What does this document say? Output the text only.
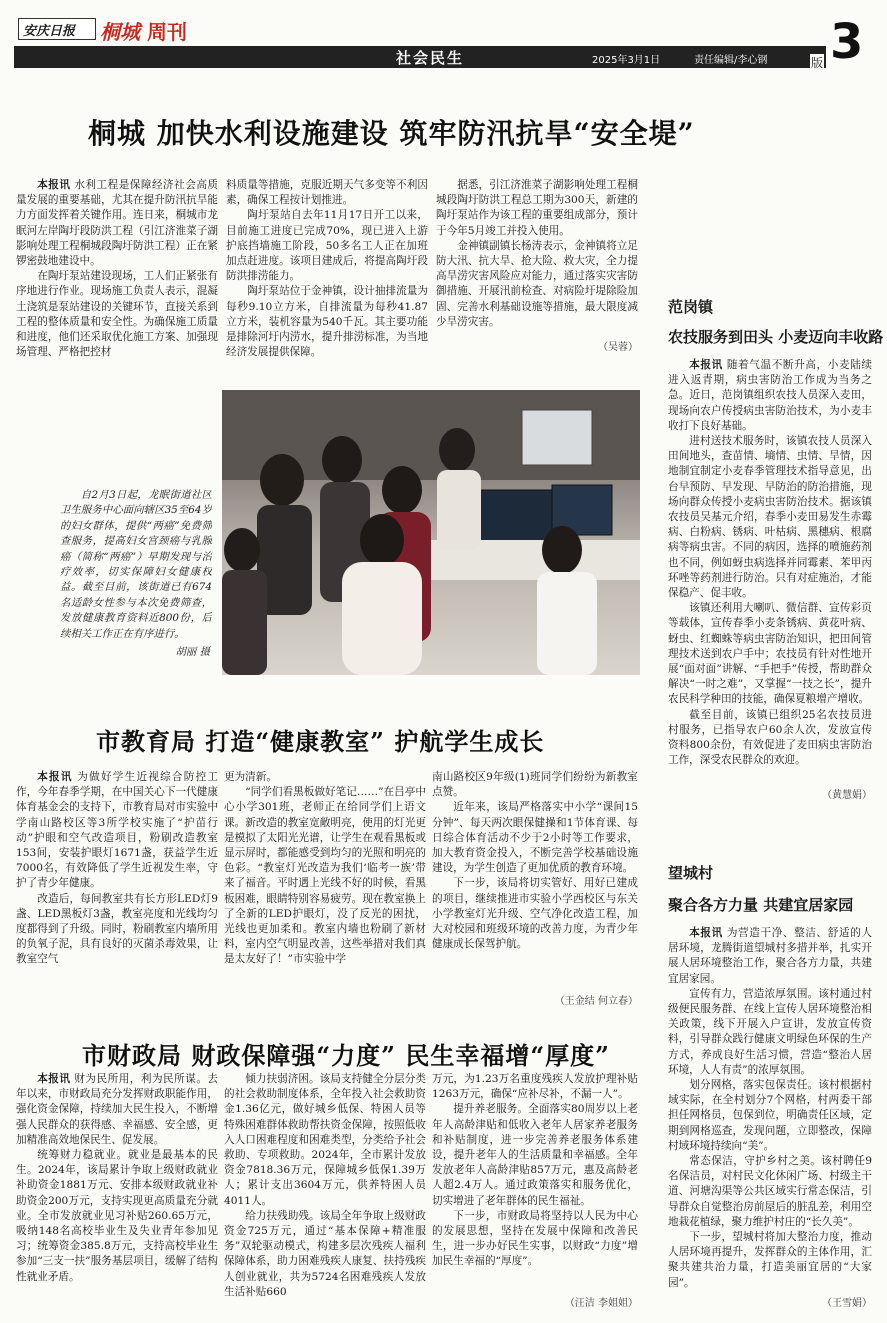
安庆日报 桐城 周刊
社会民生	2025年3月1日	责任编辑/李心钢	版 3
桐城 加快水利设施建设 筑牢防汛抗旱“安全堤”

本报讯 水利工程是保障经济社会高质量发展的重要基础，尤其在提升防汛抗旱能力方面发挥着关键作用。连日来，桐城市龙眠河左岸陶圩段防洪工程（引江济淮菜子湖影响处理工程桐城段陶圩防洪工程）正在紧锣密鼓地建设中。

在陶圩泵站建设现场，工人们正紧张有序地进行作业。现场施工负责人表示，混凝土浇筑是泵站建设的关键环节，直接关系到工程的整体质量和安全性。为确保施工质量和进度，他们还采取优化施工方案、加强现场管理、严格把控材

料质量等措施，克服近期天气多变等不利因素，确保工程按计划推进。

陶圩泵站自去年11月17日开工以来，目前施工进度已完成70%，现已进入上游护底挡墙施工阶段，50多名工人正在加班加点赶进度。该项目建成后，将提高陶圩段防洪排涝能力。

陶圩泵站位于金神镇，设计抽排流量为每秒9.10立方米，自排流量为每秒41.87立方米，装机容量为540千瓦。其主要功能是排除河圩内涝水，提升排涝标准，为当地经济发展提供保障。

据悉，引江济淮菜子湖影响处理工程桐城段陶圩防洪工程总工期为300天，新建的陶圩泵站作为该工程的重要组成部分，预计于今年5月竣工并投入使用。

金神镇副镇长杨涛表示，金神镇将立足防大汛、抗大旱、抢大险、救大灾，全力提高旱涝灾害风险应对能力，通过落实灾害防御措施、开展汛前检查、对病险圩堤除险加固、完善水利基础设施等措施，最大限度减少旱涝灾害。

（吴蓉）

自2月3日起，龙眠街道社区卫生服务中心面向辖区35至64岁的妇女群体，提供“两癌”免费筛查服务，提高妇女宫颈癌与乳腺癌（简称“两癌”）早期发现与治疗效率，切实保障妇女健康权益。截至目前，该街道已有674名适龄女性参与本次免费筛查，发放健康教育资料近800份，后续相关工作正在有序进行。

胡丽 摄
市教育局 打造“健康教室” 护航学生成长

本报讯 为做好学生近视综合防控工作，今年春季学期，在中国关心下一代健康体育基金会的支持下，市教育局对市实验中学南山路校区等3所学校实施了“护苗行动”护眼和空气改造项目，粉刷改造教室153间，安装护眼灯1671盏，获益学生近7000名，有效降低了学生近视发生率，守护了青少年健康。

改造后，每间教室共有长方形LED灯9盏、LED黑板灯3盏，教室亮度和光线均匀度都得到了升级。同时，粉刷教室内墙所用的负氧子泥，具有良好的灭菌杀毒效果，让教室空气

更为清新。

“同学们看黑板做好笔记……”在吕亭中心小学301班，老师正在给同学们上语文课。新改造的教室宽敞明亮，使用的灯光更是模拟了太阳光光谱，让学生在观看黑板或显示屏时，都能感受到均匀的光照和明亮的色彩。“教室灯光改造为我们‘临考一族’带来了福音。平时遇上光线不好的时候，看黑板困难，眼睛特别容易疲劳。现在教室换上了全新的LED护眼灯，没了反光的困扰，光线也更加柔和。教室内墙也粉刷了新材料，室内空气明显改善，这些举措对我们真是太友好了！”市实验中学

南山路校区9年级(1)班同学们纷纷为新教室点赞。

近年来，该局严格落实中小学“课间15分钟”、每天两次眼保健操和1节体育课、每日综合体育活动不少于2小时等工作要求，加大教育资金投入，不断完善学校基础设施建设，为学生创造了更加优质的教育环境。

下一步，该局将切实管好、用好已建成的项目，继续推进市实验小学西校区与东关小学教室灯光升级、空气净化改造工程，加大对校园和班级环境的改善力度，为青少年健康成长保驾护航。

（王金结 何立春）
市财政局 财政保障强“力度” 民生幸福增“厚度”

本报讯 财为民所用，利为民所谋。去年以来，市财政局充分发挥财政职能作用，强化资金保障，持续加大民生投入，不断增强人民群众的获得感、幸福感、安全感，更加精准高效地保民生、促发展。

统筹财力稳就业。就业是最基本的民生。2024年，该局累计争取上级财政就业补助资金1881万元、安排本级财政就业补助资金200万元，支持实现更高质量充分就业。全市发放就业见习补贴260.65万元，吸纳148名高校毕业生及失业青年参加见习；统筹资金385.8万元，支持高校毕业生参加“三支一扶”服务基层项目，缓解了结构性就业矛盾。

倾力扶弱济困。该局支持健全分层分类的社会救助制度体系，全年投入社会救助资金1.36亿元，做好城乡低保、特困人员等特殊困难群体救助帮扶资金保障，按照低收入人口困难程度和困难类型，分类给予社会救助、专项救助。2024年，全市累计发放资金7818.36万元，保障城乡低保1.39万人；累计支出3604万元，供养特困人员4011人。

给力扶残助残。该局全年争取上级财政资金725万元，通过“基本保障+精准服务”双轮驱动模式，构建多层次残疾人福利保障体系，助力困难残疾人康复、扶持残疾人创业就业，共为5724名困难残疾人发放生活补贴660

万元，为1.23万名重度残疾人发放护理补贴1263万元，确保“应补尽补，不漏一人”。

提升养老服务。全面落实80周岁以上老年人高龄津贴和低收入老年人居家养老服务和补贴制度，进一步完善养老服务体系建设，提升老年人的生活质量和幸福感。全年发放老年人高龄津贴857万元，惠及高龄老人超2.4万人。通过政策落实和服务优化，切实增进了老年群体的民生福祉。

下一步，市财政局将坚持以人民为中心的发展思想，坚持在发展中保障和改善民生，进一步办好民生实事，以财政“力度”增加民生幸福的“厚度”。

（汪洁 李姐姐）
范岗镇
农技服务到田头 小麦迈向丰收路

本报讯 随着气温不断升高，小麦陆续进入返青期，病虫害防治工作成为当务之急。近日，范岗镇组织农技人员深入麦田，现场向农户传授病虫害防治技术，为小麦丰收打下良好基础。

进村送技术服务时，该镇农技人员深入田间地头，查苗情、墒情、虫情、旱情，因地制宜制定小麦春季管理技术指导意见，出台早预防、早发现、早防治的防治措施，现场向群众传授小麦病虫害防治技术。据该镇农技员吴基元介绍，春季小麦田易发生赤霉病、白粉病、锈病、叶枯病、黑穗病、根腐病等病虫害。不同的病因，选择的喷施药剂也不同，例如蚜虫病选择并同霉素、苯甲丙环唑等药剂进行防治。只有对症施治，才能保稳产、促丰收。

该镇还利用大喇叭、微信群、宣传彩页等载体，宣传春季小麦条锈病、黄花叶病、蚜虫、红蜘蛛等病虫害防治知识，把田间管理技术送到农户手中；农技员有针对性地开展“面对面”讲解、“手把手”传授，帮助群众解决“一时之难”，又掌握“一技之长”，提升农民科学种田的技能，确保夏粮增产增收。

截至目前，该镇已组织25名农技员进村服务，已指导农户60余人次，发放宣传资料800余份，有效促进了麦田病虫害防治工作，深受农民群众的欢迎。

（黄慧娟）
望城村
聚合各方力量 共建宜居家园

本报讯 为营造干净、整洁、舒适的人居环境，龙腾街道望城村多措并举，扎实开展人居环境整治工作，聚合各方力量，共建宜居家园。

宣传有力，营造浓厚氛围。该村通过村级便民服务群、在线上宣传人居环境整治相关政策，线下开展入户宣讲，发放宣传资料，引导群众践行健康文明绿色环保的生产方式，养成良好生活习惯，营造“整治人居环境，人人有责”的浓厚氛围。

划分网格，落实包保责任。该村根据村域实际，在全村划分7个网格，村两委干部担任网格员，包保到位，明确责任区域，定期到网格巡查，发现问题，立即整改，保障村域环境持续向“美”。

常态保洁，守护乡村之美。该村聘任9名保洁员，对村民文化休闲广场、村级主干道、河塘沟渠等公共区域实行常态保洁，引导群众自觉整治房前屋后的脏乱差，利用空地栽花植绿，聚力维护村庄的“长久美”。

下一步，望城村将加大整治力度，推动人居环境再提升，发挥群众的主体作用，汇聚共建共治力量，打造美丽宜居的“大家园”。

（王雪娟）
